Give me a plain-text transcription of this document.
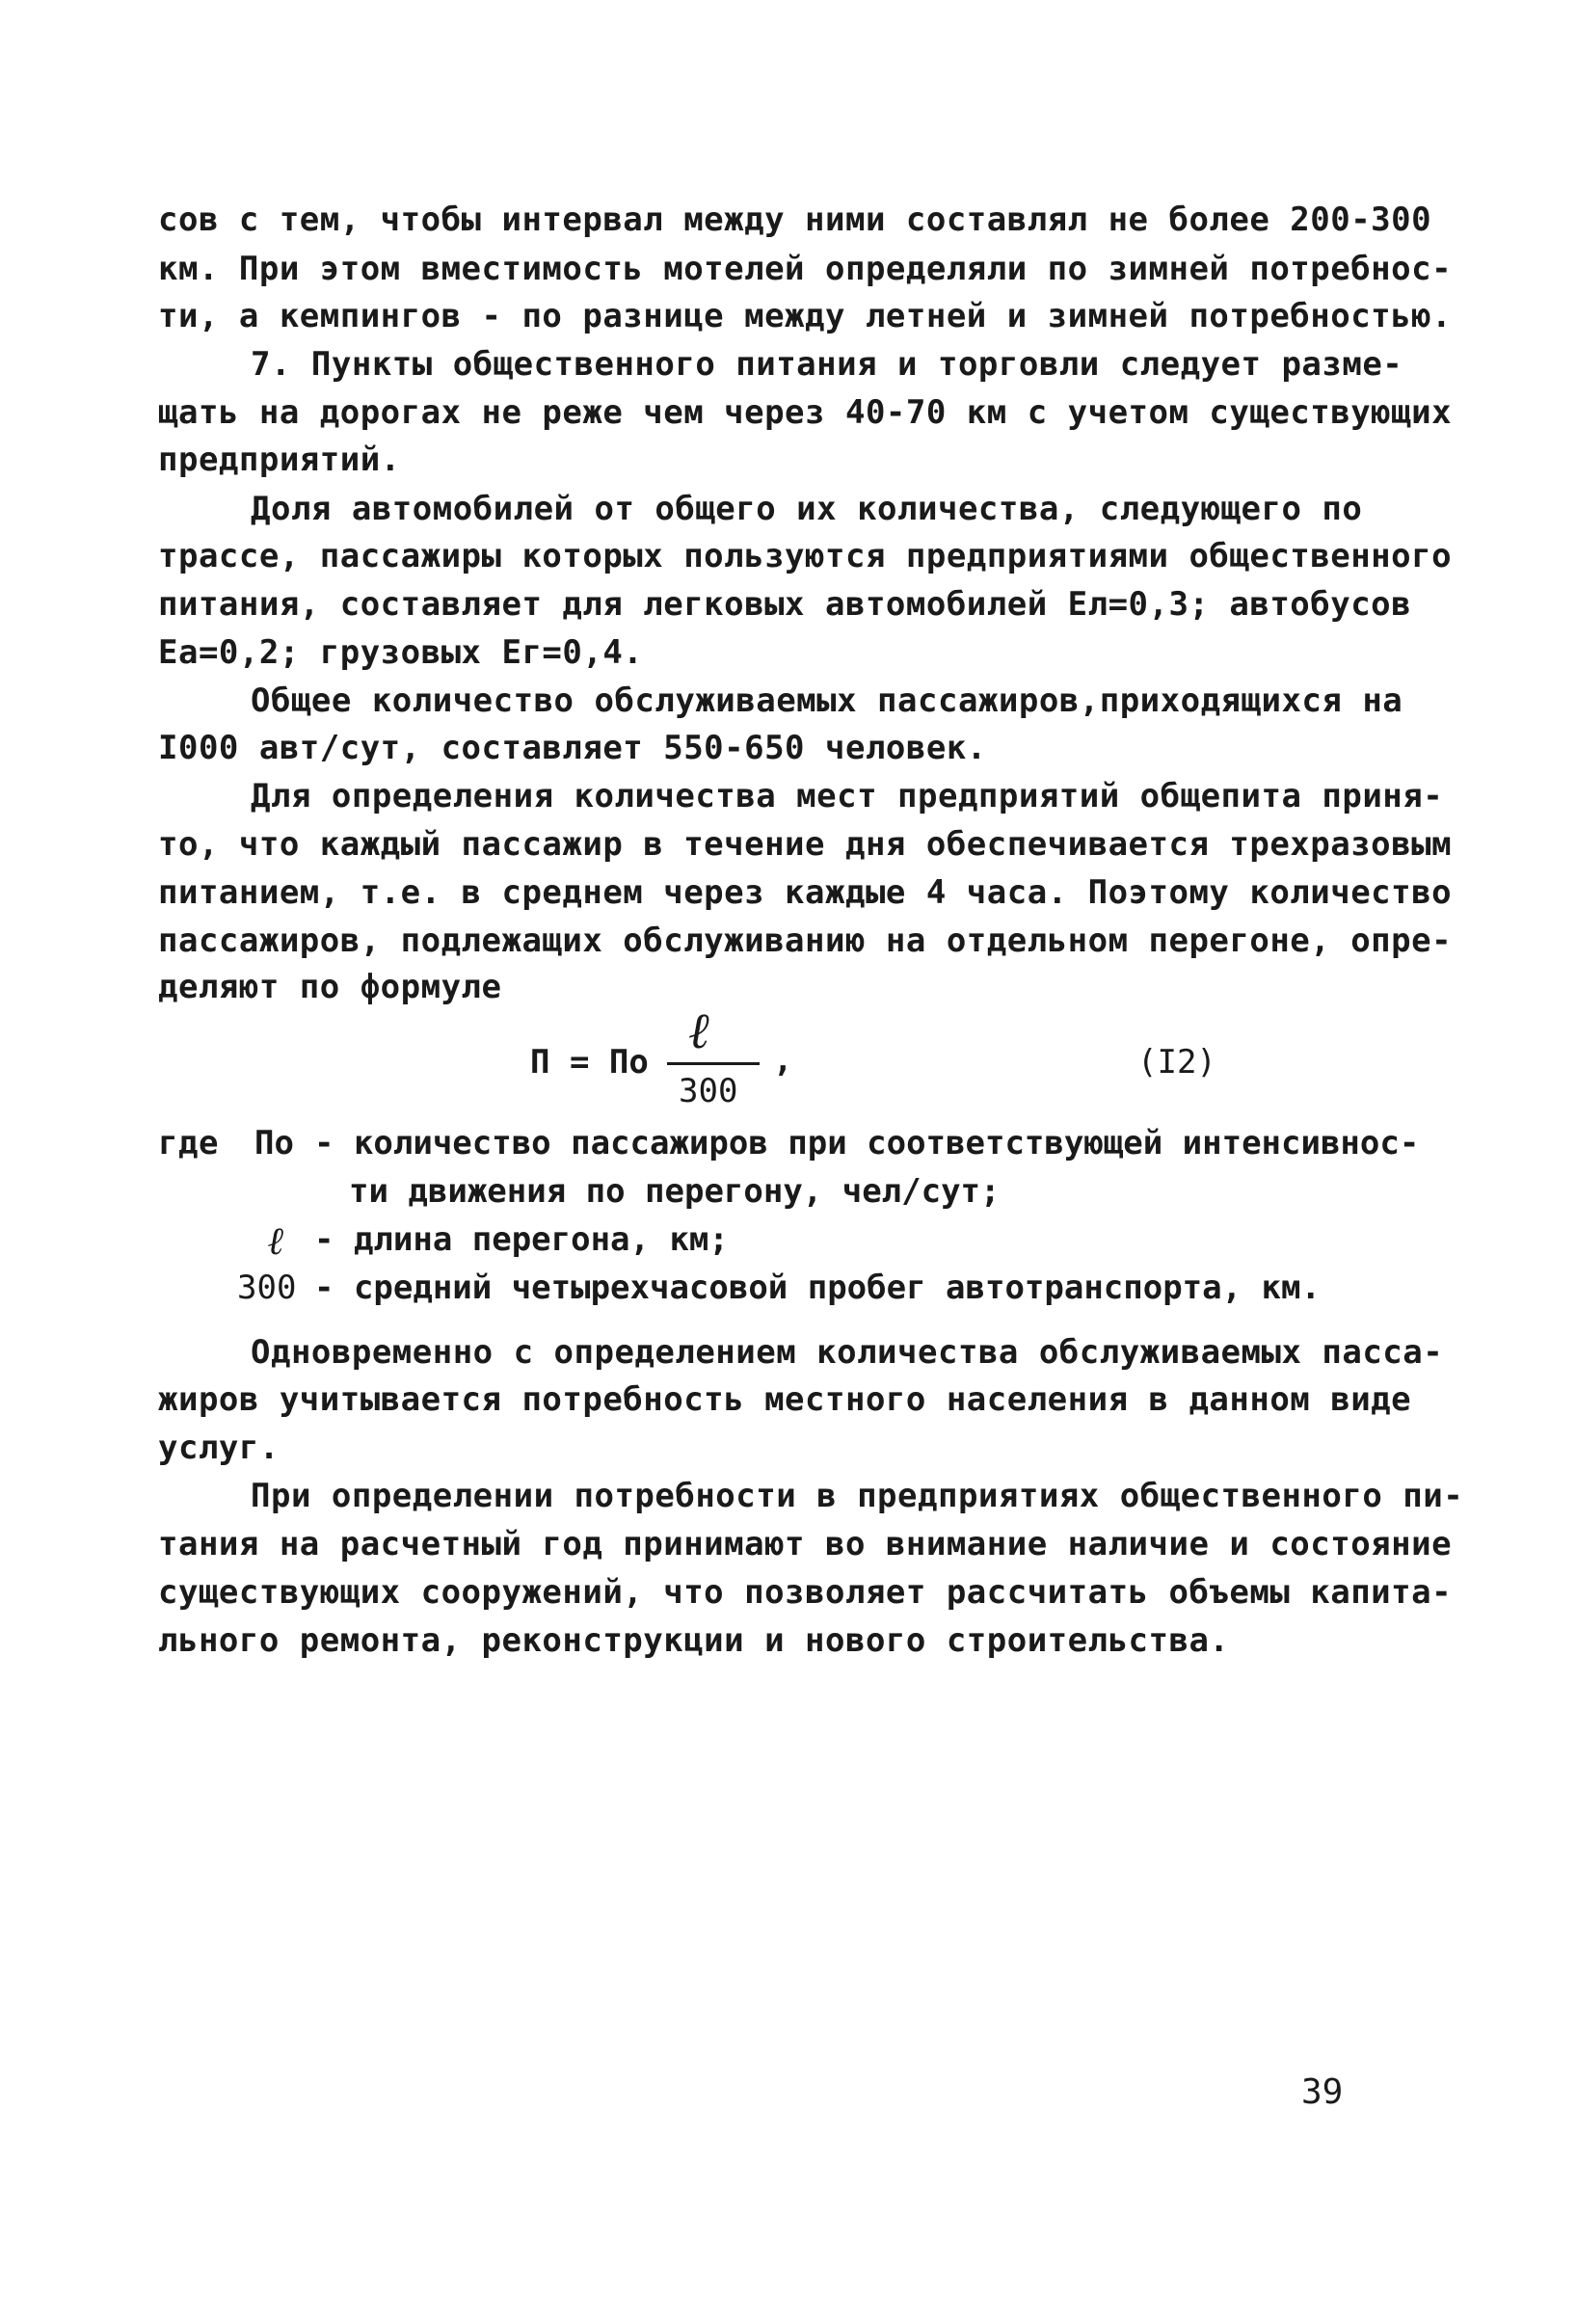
сов с тем, чтобы интервал между ними составлял не более 200-300
км. При этом вместимость мотелей определяли по зимней потребнос-
ти, а кемпингов - по разнице между летней и зимней потребностью.
7. Пункты общественного питания и торговли следует разме-
щать на дорогах не реже чем через 40-70 км с учетом существующих
предприятий.
Доля автомобилей от общего их количества, следующего по
трассе, пассажиры которых пользуются предприятиями общественного
питания, составляет для легковых автомобилей Ел=0,3; автобусов
Еа=0,2; грузовых Ег=0,4.
Общее количество обслуживаемых пассажиров,приходящихся на
I000 авт/сут, составляет 550-650 человек.
Для определения количества мест предприятий общепита приня-
то, что каждый пассажир в течение дня обеспечивается трехразовым
питанием, т.е. в среднем через каждые 4 часа. Поэтому количество
пассажиров, подлежащих обслуживанию на отдельном перегоне, опре-
деляют по формуле
П = По
ℓ
300
,	(I2)
где По - количество пассажиров при соответствующей интенсивнос-
ти движения по перегону, чел/сут;
ℓ - длина перегона, км;
300 - средний четырехчасовой пробег автотранспорта, км.
Одновременно с определением количества обслуживаемых пасса-
жиров учитывается потребность местного населения в данном виде
услуг.
При определении потребности в предприятиях общественного пи-
тания на расчетный год принимают во внимание наличие и состояние
существующих сооружений, что позволяет рассчитать объемы капита-
льного ремонта, реконструкции и нового строительства.
39
